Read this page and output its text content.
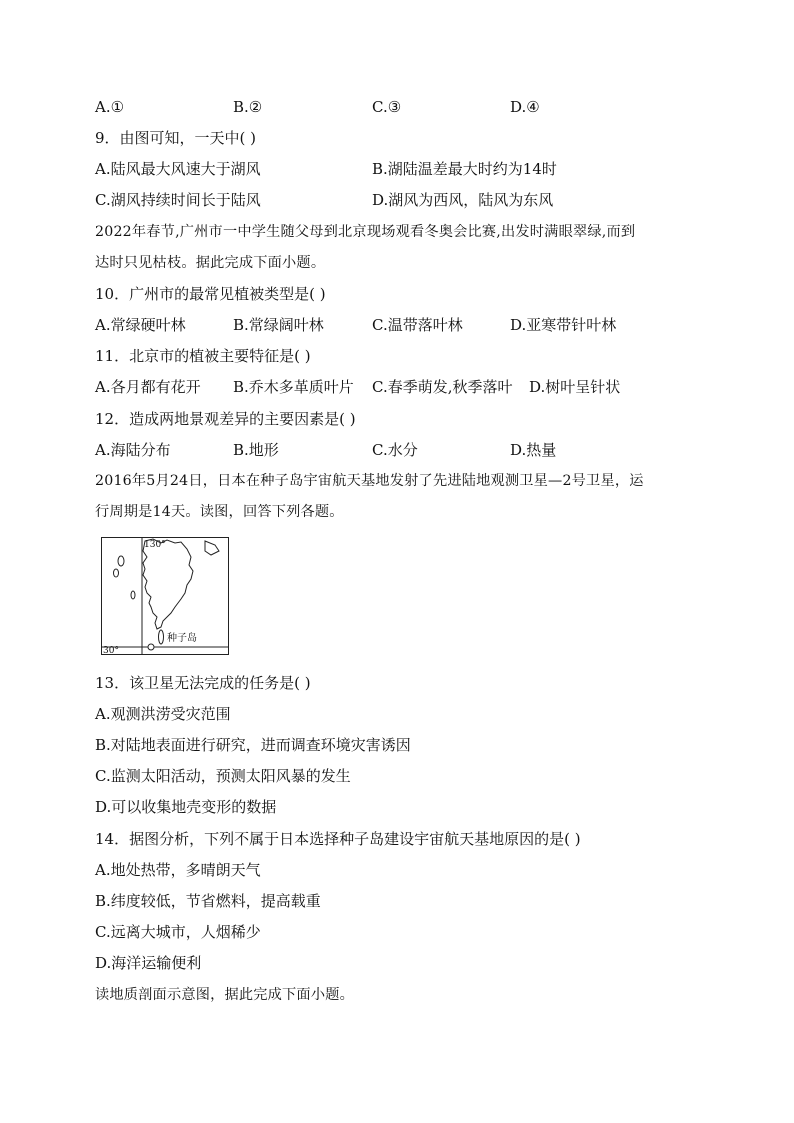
A.①	B.②	C.③	D.④
9．由图可知，一天中( )
A.陆风最大风速大于湖风	B.湖陆温差最大时约为14时
C.湖风持续时间长于陆风	D.湖风为西风，陆风为东风
2022年春节,广州市一中学生随父母到北京现场观看冬奥会比赛,出发时满眼翠绿,而到
达时只见枯枝。据此完成下面小题。
10．广州市的最常见植被类型是( )
A.常绿硬叶林	B.常绿阔叶林	C.温带落叶林	D.亚寒带针叶林
11．北京市的植被主要特征是( )
A.各月都有花开 B.乔木多革质叶片 C.春季萌发,秋季落叶 D.树叶呈针状
12．造成两地景观差异的主要因素是( )
A.海陆分布	B.地形	C.水分	D.热量
2016年5月24日，日本在种子岛宇宙航天基地发射了先进陆地观测卫星—2号卫星，运
行周期是14天。读图，回答下列各题。
130°
30°
种子岛
13．该卫星无法完成的任务是( )
A.观测洪涝受灾范围
B.对陆地表面进行研究，进而调查环境灾害诱因
C.监测太阳活动，预测太阳风暴的发生
D.可以收集地壳变形的数据
14．据图分析，下列不属于日本选择种子岛建设宇宙航天基地原因的是( )
A.地处热带，多晴朗天气
B.纬度较低，节省燃料，提高载重
C.远离大城市，人烟稀少
D.海洋运输便利
读地质剖面示意图，据此完成下面小题。
